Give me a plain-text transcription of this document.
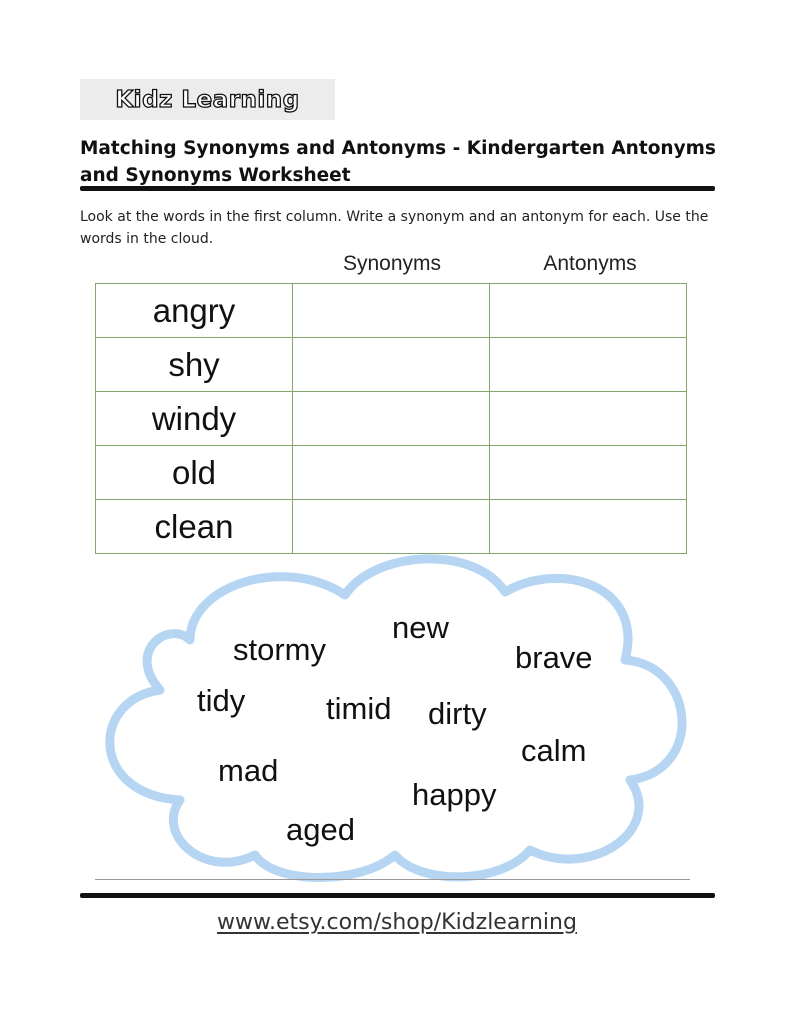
Kidz Learning
Matching Synonyms and Antonyms - Kindergarten Antonyms and Synonyms Worksheet

Look at the words in the first column. Write a synonym and an antonym for each. Use the words in the cloud.

Synonyms	Antonyms
angry		
shy		
windy		
old		
clean		
new
stormy	brave
tidy	timid dirty
calm
mad
happy
aged
www.etsy.com/shop/Kidzlearning
